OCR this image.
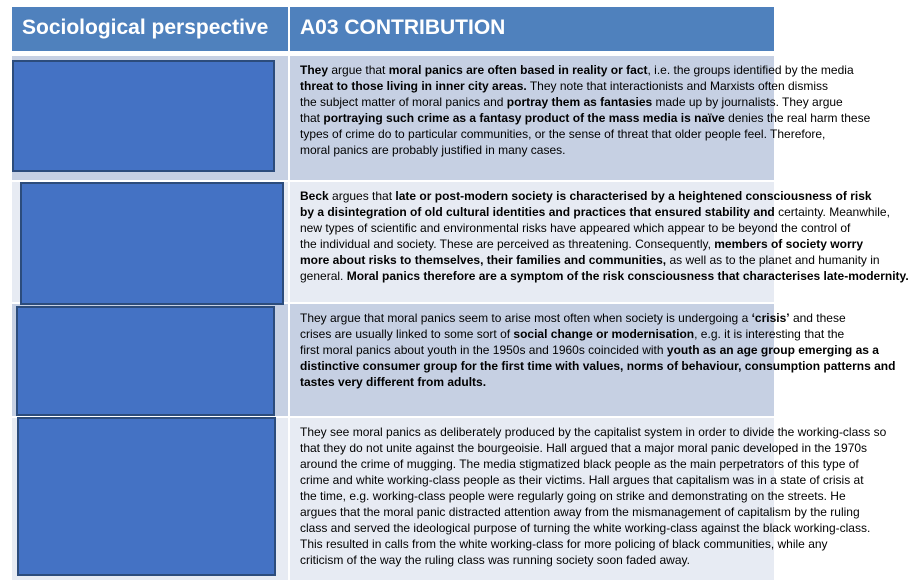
Sociological perspective	A03 CONTRIBUTION

They argue that moral panics are often based in reality or fact, i.e. the groups identified by the media

threat to those living in inner city areas. They note that interactionists and Marxists often dismiss

the subject matter of moral panics and portray them as fantasies made up by journalists. They argue

that portraying such crime as a fantasy product of the mass media is naïve denies the real harm these

types of crime do to particular communities, or the sense of threat that older people feel. Therefore,

moral panics are probably justified in many cases.

Beck argues that late or post-modern society is characterised by a heightened consciousness of risk

by a disintegration of old cultural identities and practices that ensured stability and certainty. Meanwhile,

new types of scientific and environmental risks have appeared which appear to be beyond the control of

the individual and society. These are perceived as threatening. Consequently, members of society worry

more about risks to themselves, their families and communities, as well as to the planet and humanity in

general. Moral panics therefore are a symptom of the risk consciousness that characterises late-modernity.

They argue that moral panics seem to arise most often when society is undergoing a ‘crisis’ and these

crises are usually linked to some sort of social change or modernisation, e.g. it is interesting that the

first moral panics about youth in the 1950s and 1960s coincided with youth as an age group emerging as a

distinctive consumer group for the first time with values, norms of behaviour, consumption patterns and

tastes very different from adults.

They see moral panics as deliberately produced by the capitalist system in order to divide the working-class so

that they do not unite against the bourgeoisie. Hall argued that a major moral panic developed in the 1970s

around the crime of mugging. The media stigmatized black people as the main perpetrators of this type of

crime and white working-class people as their victims. Hall argues that capitalism was in a state of crisis at

the time, e.g. working-class people were regularly going on strike and demonstrating on the streets. He

argues that the moral panic distracted attention away from the mismanagement of capitalism by the ruling

class and served the ideological purpose of turning the white working-class against the black working-class.

This resulted in calls from the white working-class for more policing of black communities, while any

criticism of the way the ruling class was running society soon faded away.
